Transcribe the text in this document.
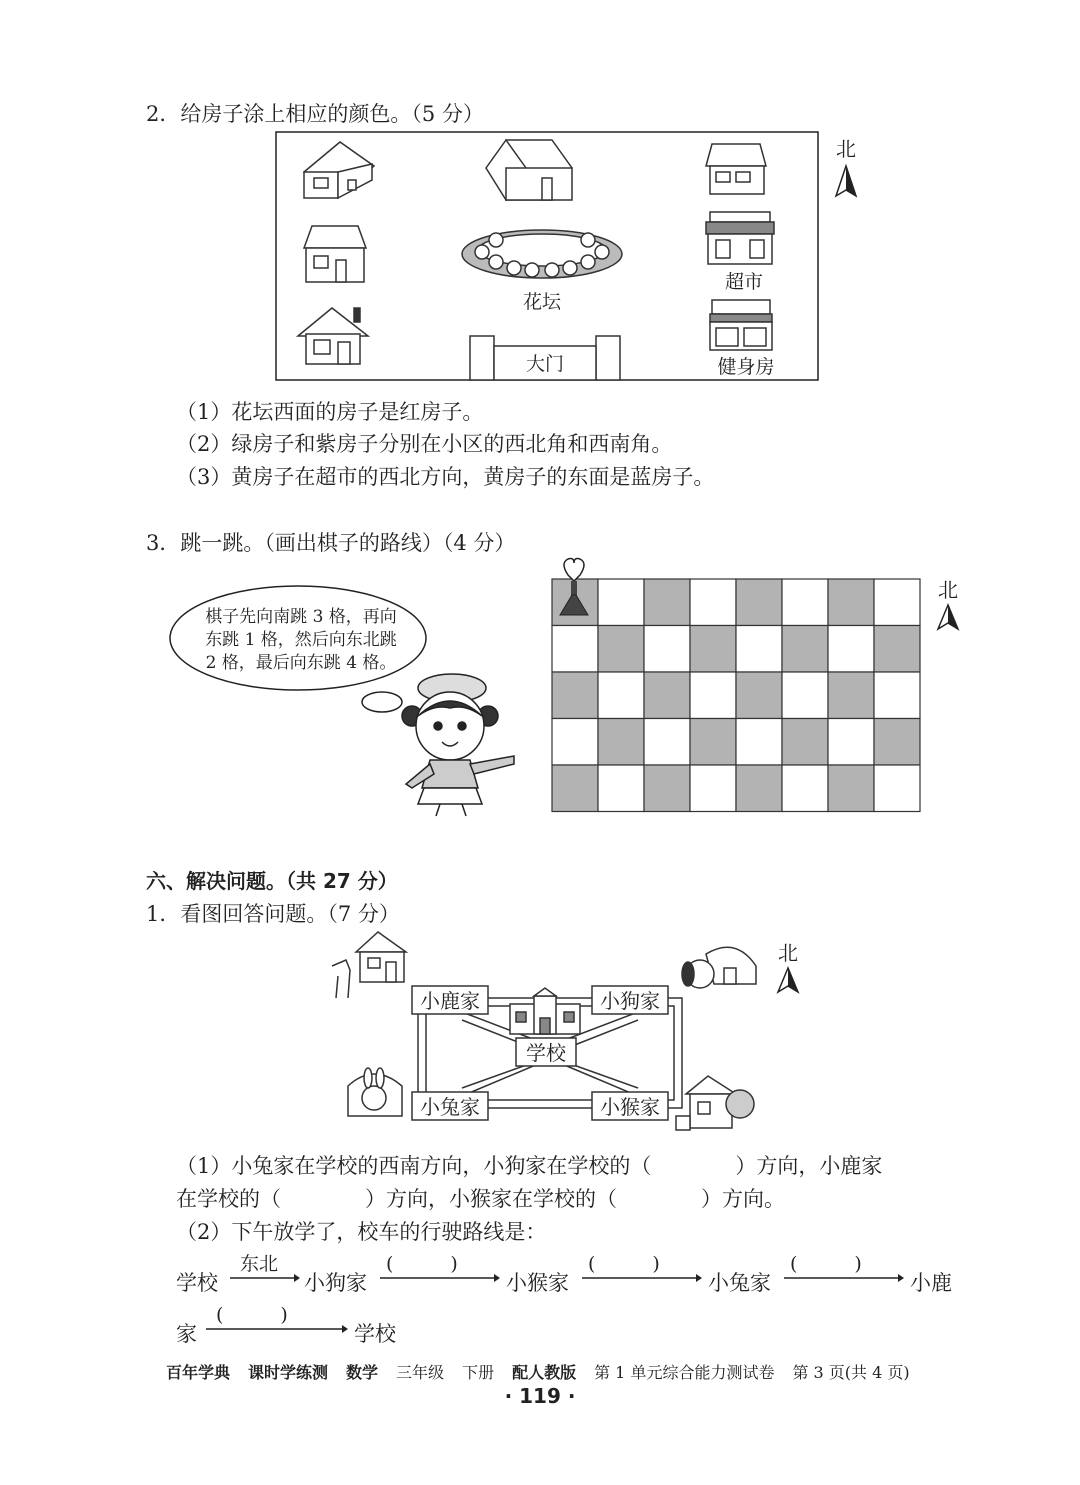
2．给房子涂上相应的颜色。（5 分）
花坛
超市
大门	健身房
北
（1）花坛西面的房子是红房子。
（2）绿房子和紫房子分别在小区的西北角和西南角。
（3）黄房子在超市的西北方向，黄房子的东面是蓝房子。
3．跳一跳。（画出棋子的路线）（4 分）
棋子先向南跳 3 格，再向
东跳 1 格，然后向东北跳
2 格，最后向东跳 4 格。
北
六、解决问题。（共 27 分）
1．看图回答问题。（7 分）
小鹿家	小狗家
学校
小兔家	小猴家
北
（1）小兔家在学校的西南方向，小狗家在学校的（　　　　）方向，小鹿家
在学校的（　　　　）方向，小猴家在学校的（　　　　）方向。
（2）下午放学了，校车的行驶路线是：
学校
东北
小狗家
(　　　)
小猴家
(　　　)
小兔家
(　　　)
小鹿
家
(　　　)
学校
百年学典 课时学练测 数学 三年级 下册 配人教版 第 1 单元综合能力测试卷 第 3 页(共 4 页)
· 119 ·
